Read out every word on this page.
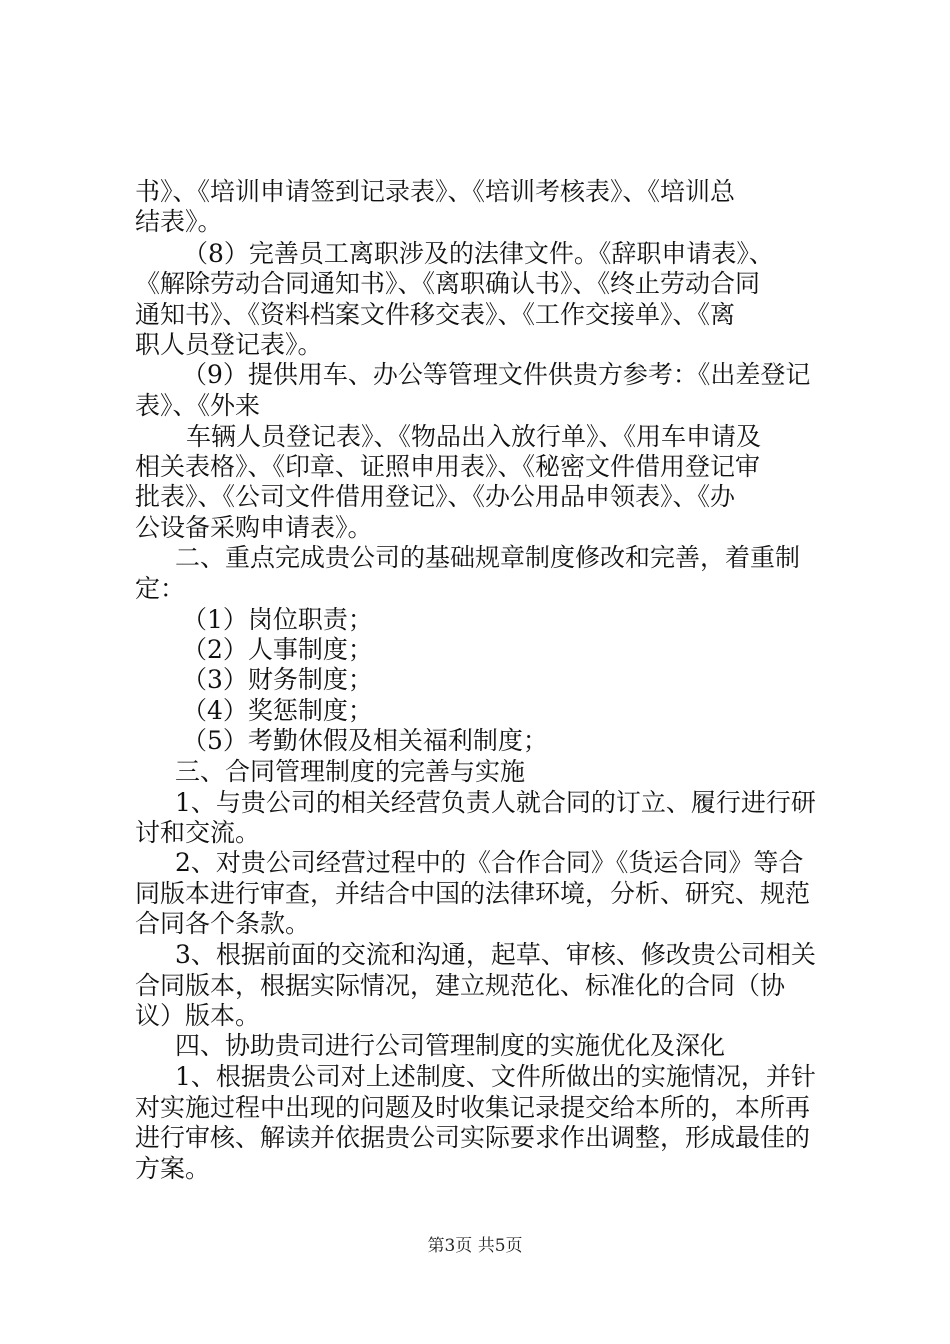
书》、《培训申请签到记录表》、《培训考核表》、《培训总
结表》。
（8）完善员工离职涉及的法律文件。《辞职申请表》、
《解除劳动合同通知书》、《离职确认书》、《终止劳动合同
通知书》、《资料档案文件移交表》、《工作交接单》、《离
职人员登记表》。
（9）提供用车、办公等管理文件供贵方参考：《出差登记
表》、《外来
车辆人员登记表》、《物品出入放行单》、《用车申请及
相关表格》、《印章、证照申用表》、《秘密文件借用登记审
批表》、《公司文件借用登记》、《办公用品申领表》、《办
公设备采购申请表》。
二、重点完成贵公司的基础规章制度修改和完善，着重制
定：
（1）岗位职责；
（2）人事制度；
（3）财务制度；
（4）奖惩制度；
（5）考勤休假及相关福利制度；
三、合同管理制度的完善与实施
1、与贵公司的相关经营负责人就合同的订立、履行进行研
讨和交流。
2、对贵公司经营过程中的《合作合同》《货运合同》等合
同版本进行审查，并结合中国的法律环境，分析、研究、规范
合同各个条款。
3、根据前面的交流和沟通，起草、审核、修改贵公司相关
合同版本，根据实际情况，建立规范化、标准化的合同（协
议）版本。
四、协助贵司进行公司管理制度的实施优化及深化
1、根据贵公司对上述制度、文件所做出的实施情况，并针
对实施过程中出现的问题及时收集记录提交给本所的，本所再
进行审核、解读并依据贵公司实际要求作出调整，形成最佳的
方案。
第3页 共5页
